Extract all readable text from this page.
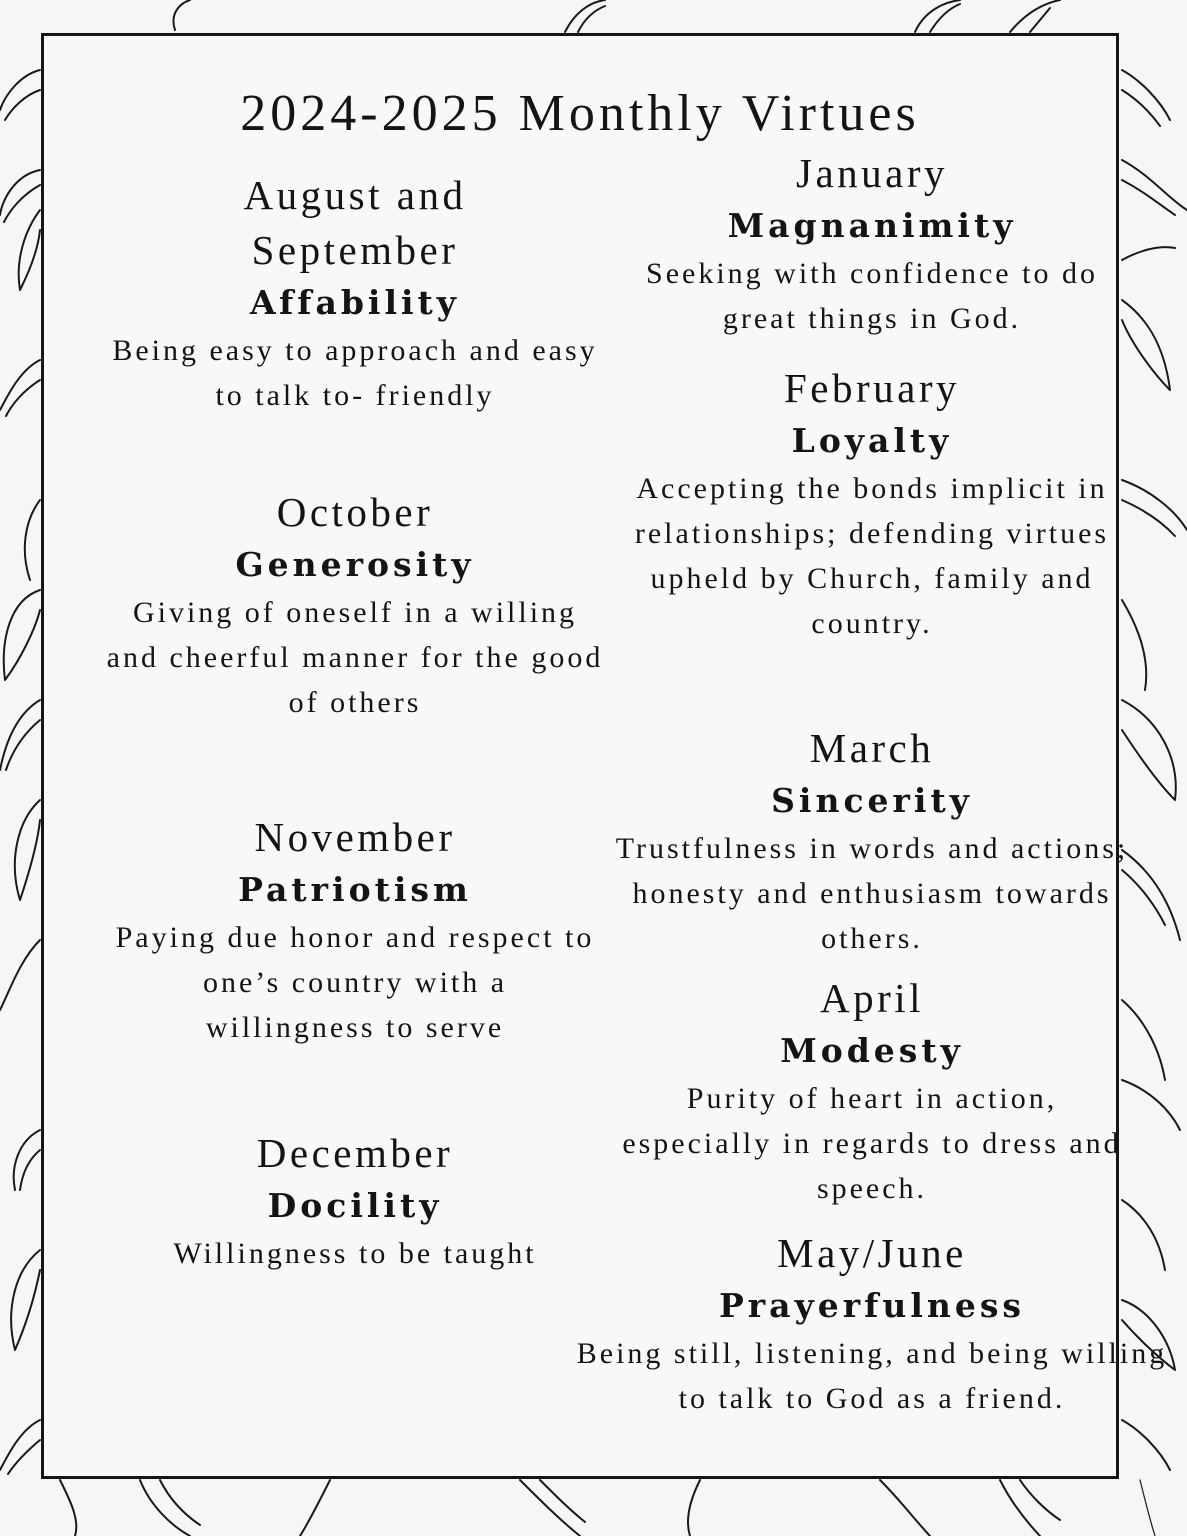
2024-2025 Monthly Virtues
August and September
Affability
Being easy to approach and easy to talk to- friendly
October
Generosity
Giving of oneself in a willing and cheerful manner for the good of others
November
Patriotism
Paying due honor and respect to one’s country with a willingness to serve
December
Docility
Willingness to be taught
January
Magnanimity
Seeking with confidence to do great things in God.
February
Loyalty
Accepting the bonds implicit in relationships; defending virtues upheld by Church, family and country.
March
Sincerity
Trustfulness in words and actions; honesty and enthusiasm towards others.
April
Modesty
Purity of heart in action, especially in regards to dress and speech.
May/June
Prayerfulness
Being still, listening, and being willing to talk to God as a friend.
